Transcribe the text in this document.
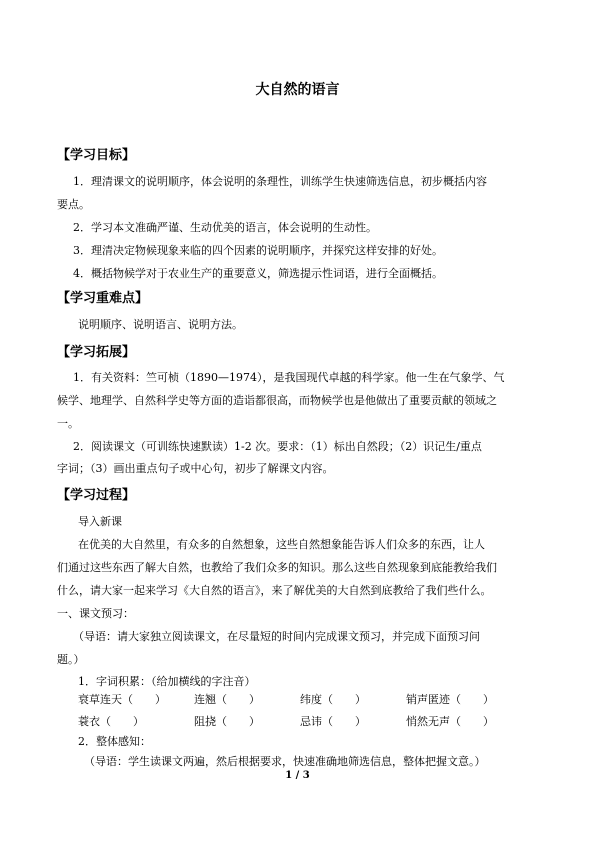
大自然的语言
【学习目标】
1．理清课文的说明顺序，体会说明的条理性，训练学生快速筛选信息，初步概括内容
要点。
2．学习本文准确严谨、生动优美的语言，体会说明的生动性。
3．理清决定物候现象来临的四个因素的说明顺序，并探究这样安排的好处。
4．概括物候学对于农业生产的重要意义，筛选提示性词语，进行全面概括。
【学习重难点】
说明顺序、说明语言、说明方法。
【学习拓展】
1．有关资料：竺可桢（1890—1974），是我国现代卓越的科学家。他一生在气象学、气
候学、地理学、自然科学史等方面的造诣都很高，而物候学也是他做出了重要贡献的领域之
一。
2．阅读课文（可训练快速默读）1-2 次。要求：（1）标出自然段；（2）识记生/重点
字词；（3）画出重点句子或中心句，初步了解课文内容。
【学习过程】
导入新课
在优美的大自然里，有众多的自然想象，这些自然想象能告诉人们众多的东西，让人
们通过这些东西了解大自然，也教给了我们众多的知识。那么这些自然现象到底能教给我们
什么，请大家一起来学习《大自然的语言》，来了解优美的大自然到底教给了我们些什么。
一、课文预习：
（导语：请大家独立阅读课文，在尽量短的时间内完成课文预习，并完成下面预习问
题。）
1．字词积累：（给加横线的字注音）
衰草连天（　　）	连翘（　　）	纬度（　　）	销声匿迹（　　）
蓑衣（　　）	阻挠（　　）	忌讳（　　）	悄然无声（　　）
2．整体感知：
（导语：学生读课文两遍，然后根据要求，快速准确地筛选信息，整体把握文意。）
1 / 3
